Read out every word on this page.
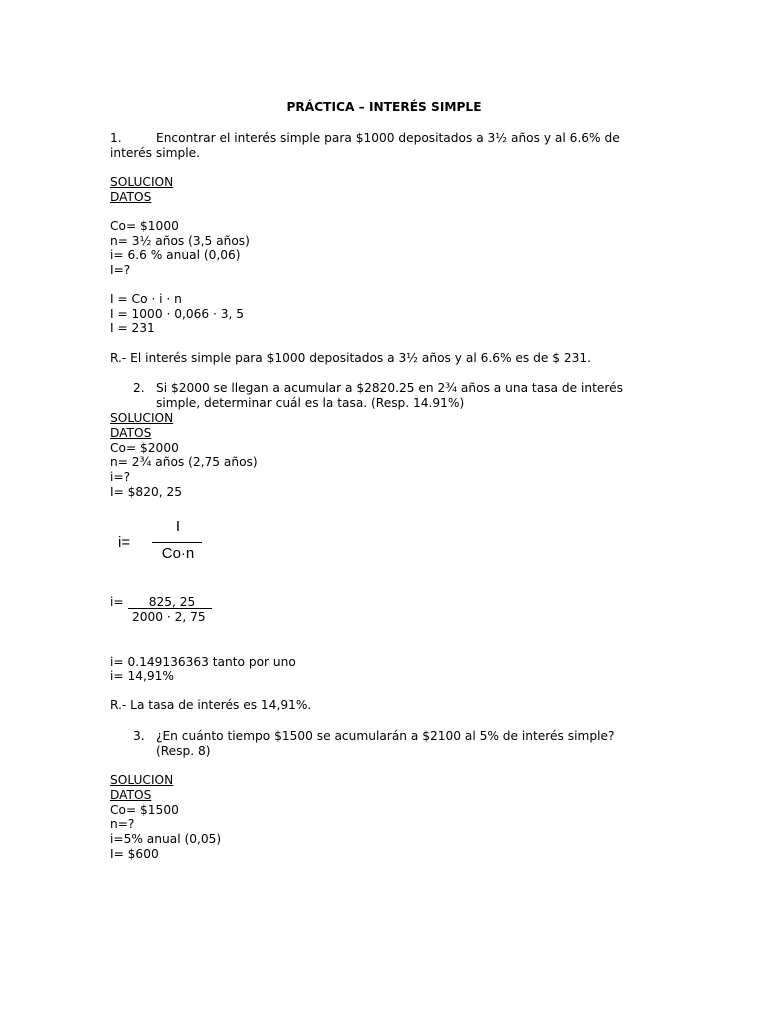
PRÁCTICA – INTERÉS SIMPLE
1.	Encontrar el interés simple para $1000 depositados a 3½ años y al 6.6% de
interés simple.
SOLUCION
DATOS
Co= $1000
n= 3½ años (3,5 años)
i= 6.6 % anual (0,06)
I=?
I = Co · i · n
I = 1000 · 0,066 · 3, 5
I = 231
R.- El interés simple para $1000 depositados a 3½ años y al 6.6% es de $ 231.
2. Si $2000 se llegan a acumular a $2820.25 en 2¾ años a una tasa de interés
simple, determinar cuál es la tasa. (Resp. 14.91%)
SOLUCION
DATOS
Co= $2000
n= 2¾ años (2,75 años)
i=?
I= $820, 25
i=
I
Co·n
i=	825, 25
2000 · 2, 75
i= 0.149136363 tanto por uno
i= 14,91%
R.- La tasa de interés es 14,91%.
3. ¿En cuánto tiempo $1500 se acumularán a $2100 al 5% de interés simple?
(Resp. 8)
SOLUCION
DATOS
Co= $1500
n=?
i=5% anual (0,05)
I= $600
